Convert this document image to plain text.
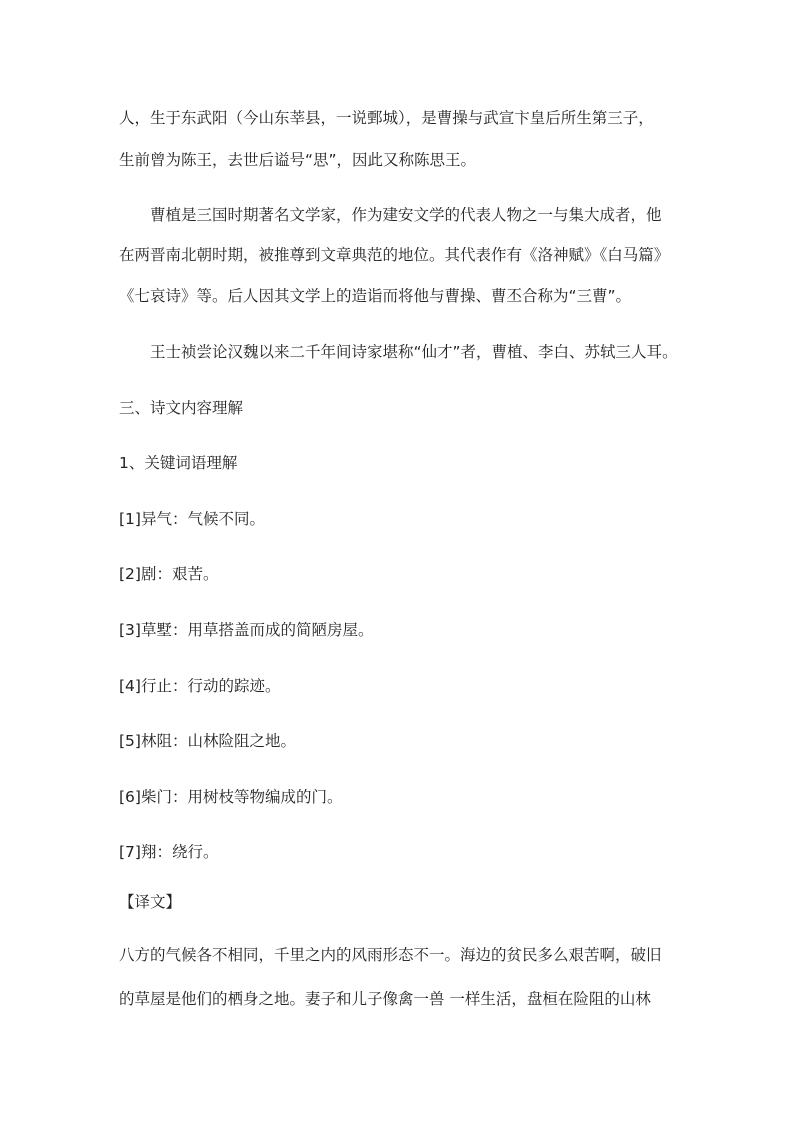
人，生于东武阳（今山东莘县，一说鄄城），是曹操与武宣卞皇后所生第三子，

生前曾为陈王，去世后谥号“思”，因此又称陈思王。

曹植是三国时期著名文学家，作为建安文学的代表人物之一与集大成者，他

在两晋南北朝时期，被推尊到文章典范的地位。其代表作有《洛神赋》《白马篇》

《七哀诗》等。后人因其文学上的造诣而将他与曹操、曹丕合称为“三曹”。

王士祯尝论汉魏以来二千年间诗家堪称“仙才”者，曹植、李白、苏轼三人耳。

三、诗文内容理解

1、关键词语理解

[1]异气：气候不同。

[2]剧：艰苦。

[3]草墅：用草搭盖而成的简陋房屋。

[4]行止：行动的踪迹。

[5]林阻：山林险阻之地。

[6]柴门：用树枝等物编成的门。

[7]翔：绕行。

【译文】

八方的气候各不相同，千里之内的风雨形态不一。海边的贫民多么艰苦啊，破旧

的草屋是他们的栖身之地。妻子和儿子像禽一兽 一样生活，盘桓在险阻的山林
